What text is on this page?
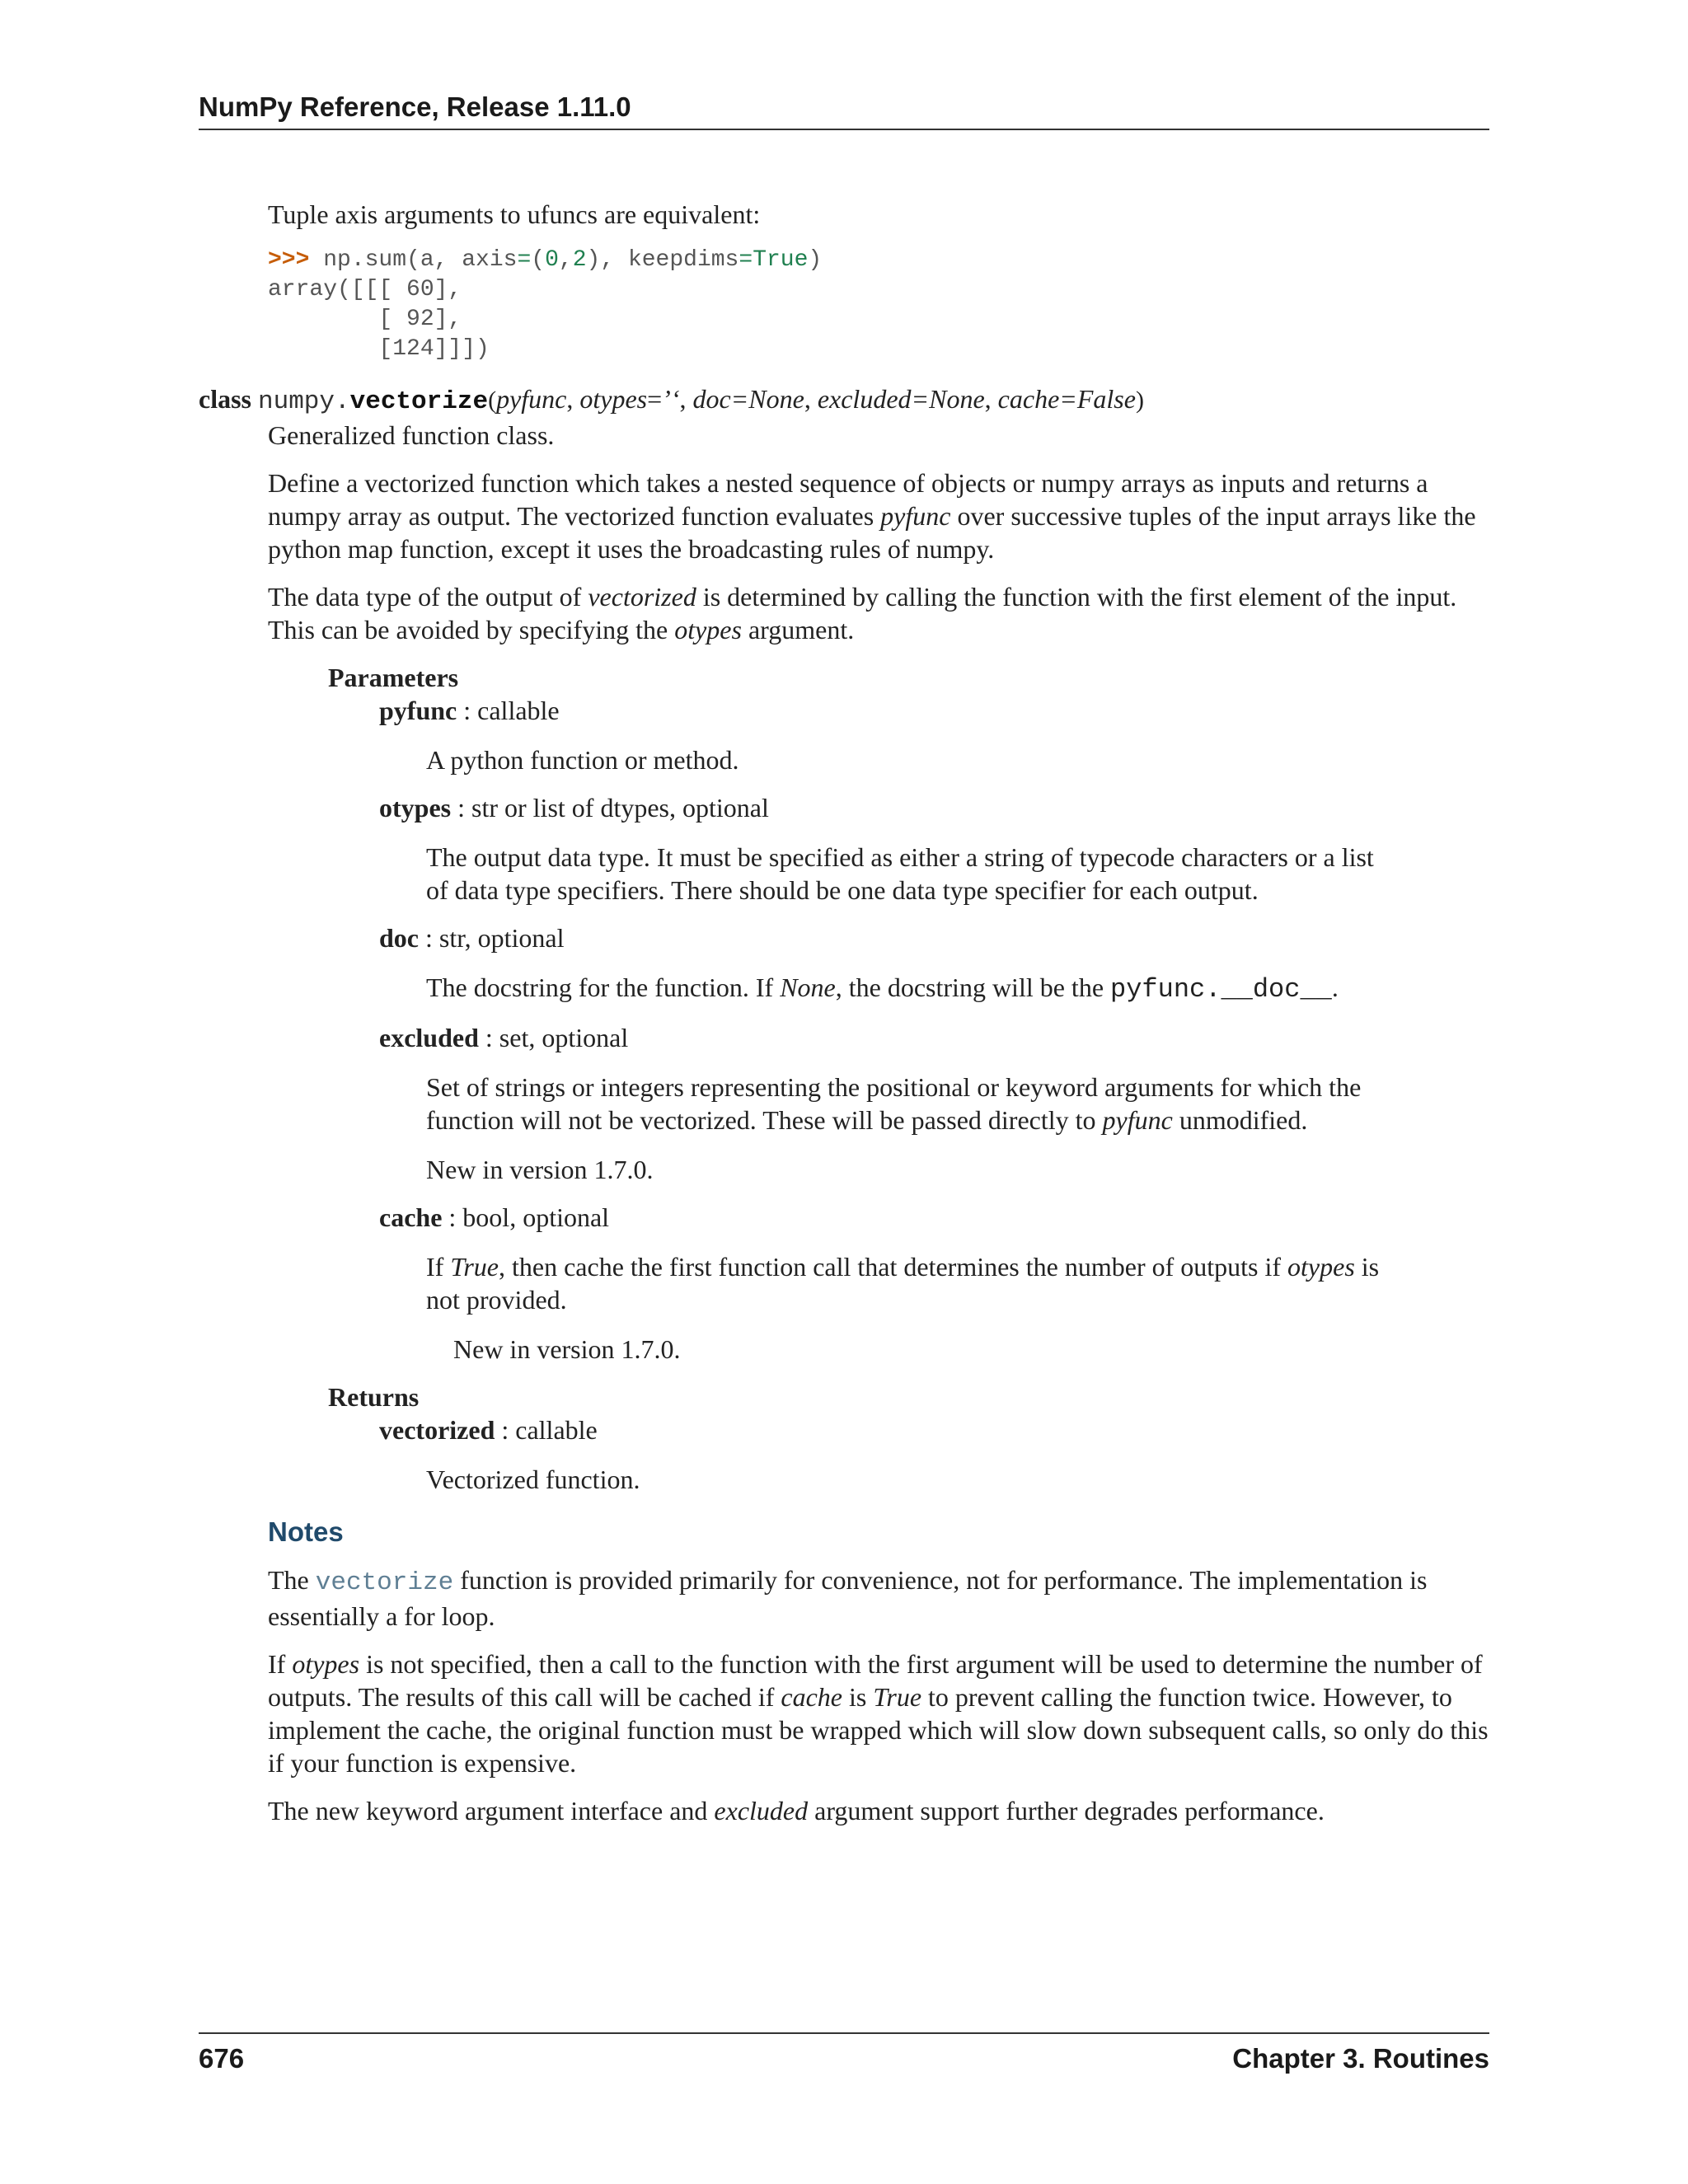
NumPy Reference, Release 1.11.0

Tuple axis arguments to ufuncs are equivalent:

>>> np.sum(a, axis=(0,2), keepdims=True)
array([[[ 60],
[ 92],
[124]]])
class numpy.vectorize(pyfunc, otypes=’‘, doc=None, excluded=None, cache=False)

Generalized function class.

Define a vectorized function which takes a nested sequence of objects or numpy arrays as inputs and returns a numpy array as output. The vectorized function evaluates pyfunc over successive tuples of the input arrays like the python map function, except it uses the broadcasting rules of numpy.

The data type of the output of vectorized is determined by calling the function with the first element of the input. This can be avoided by specifying the otypes argument.

Parameters

pyfunc : callable

A python function or method.

otypes : str or list of dtypes, optional

The output data type. It must be specified as either a string of typecode characters or a list of data type specifiers. There should be one data type specifier for each output.

doc : str, optional

The docstring for the function. If None, the docstring will be the pyfunc.__doc__.

excluded : set, optional

Set of strings or integers representing the positional or keyword arguments for which the function will not be vectorized. These will be passed directly to pyfunc unmodified.

New in version 1.7.0.

cache : bool, optional

If True, then cache the first function call that determines the number of outputs if otypes is not provided.

New in version 1.7.0.

Returns

vectorized : callable

Vectorized function.

Notes

The vectorize function is provided primarily for convenience, not for performance. The implementation is essentially a for loop.

If otypes is not specified, then a call to the function with the first argument will be used to determine the number of outputs. The results of this call will be cached if cache is True to prevent calling the function twice. However, to implement the cache, the original function must be wrapped which will slow down subsequent calls, so only do this if your function is expensive.

The new keyword argument interface and excluded argument support further degrades performance.

676	Chapter 3. Routines
